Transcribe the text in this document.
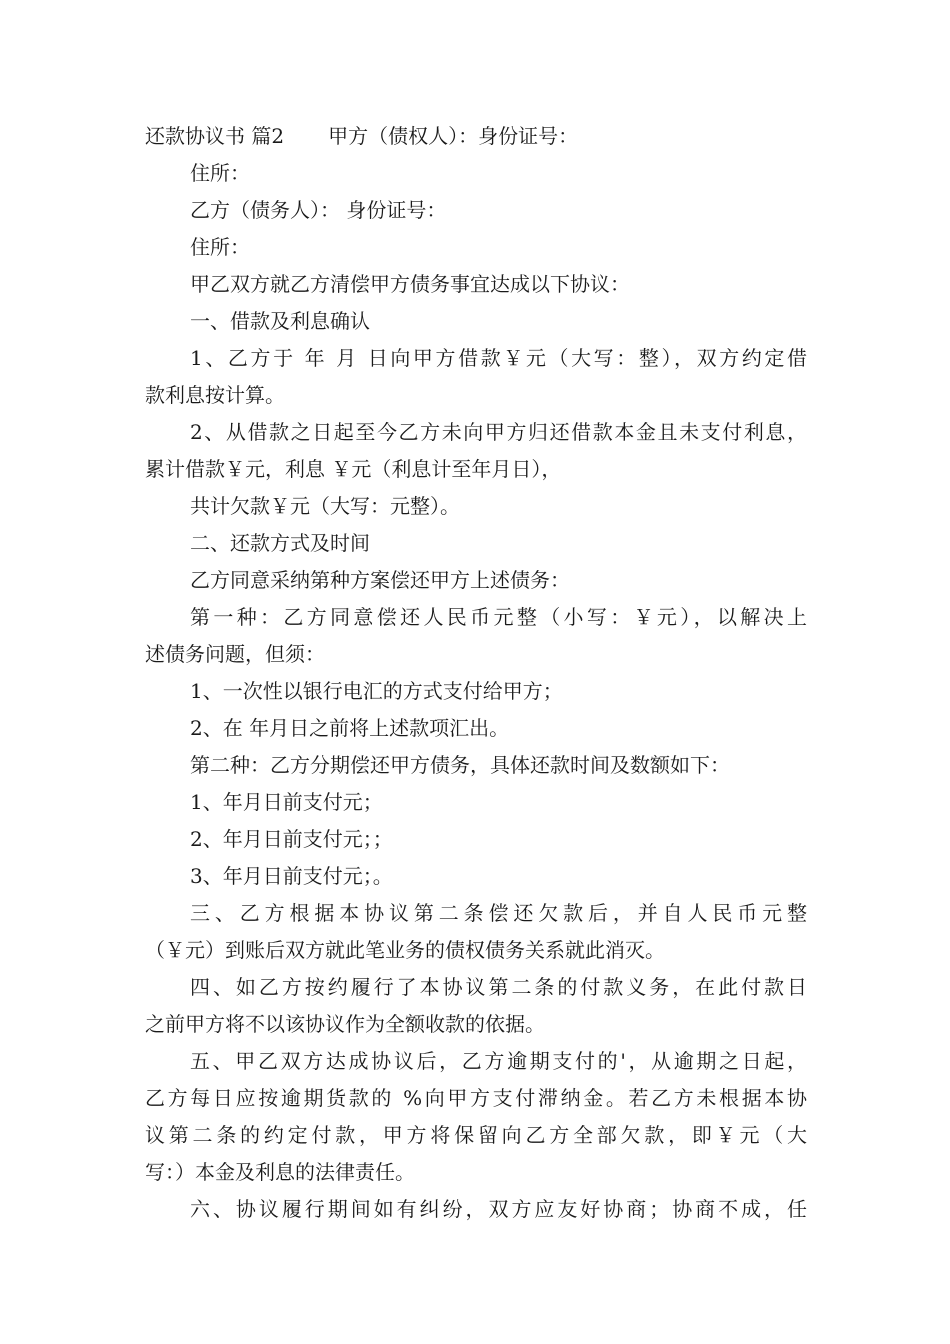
还款协议书 篇2 甲方（债权人）：身份证号：
住所：
乙方（债务人）： 身份证号：
住所：
甲乙双方就乙方清偿甲方债务事宜达成以下协议：
一、借款及利息确认
1、乙方于 年 月 日向甲方借款￥元（大写：整），双方约定借
款利息按计算。
2、从借款之日起至今乙方未向甲方归还借款本金且未支付利息，
累计借款￥元，利息 ￥元（利息计至年月日），
共计欠款￥元（大写：元整）。
二、还款方式及时间
乙方同意采纳第种方案偿还甲方上述债务：
第一种：乙方同意偿还人民币元整（小写：￥元），以解决上
述债务问题，但须：
1、一次性以银行电汇的方式支付给甲方；
2、在 年月日之前将上述款项汇出。
第二种：乙方分期偿还甲方债务，具体还款时间及数额如下：
1、年月日前支付元；
2、年月日前支付元；；
3、年月日前支付元；。
三、乙方根据本协议第二条偿还欠款后，并自人民币元整
（￥元）到账后双方就此笔业务的债权债务关系就此消灭。
四、如乙方按约履行了本协议第二条的付款义务，在此付款日
之前甲方将不以该协议作为全额收款的依据。
五、甲乙双方达成协议后，乙方逾期支付的'，从逾期之日起，
乙方每日应按逾期货款的 %向甲方支付滞纳金。若乙方未根据本协
议第二条的约定付款，甲方将保留向乙方全部欠款，即￥元（大
写：）本金及利息的法律责任。
六、协议履行期间如有纠纷，双方应友好协商；协商不成，任
